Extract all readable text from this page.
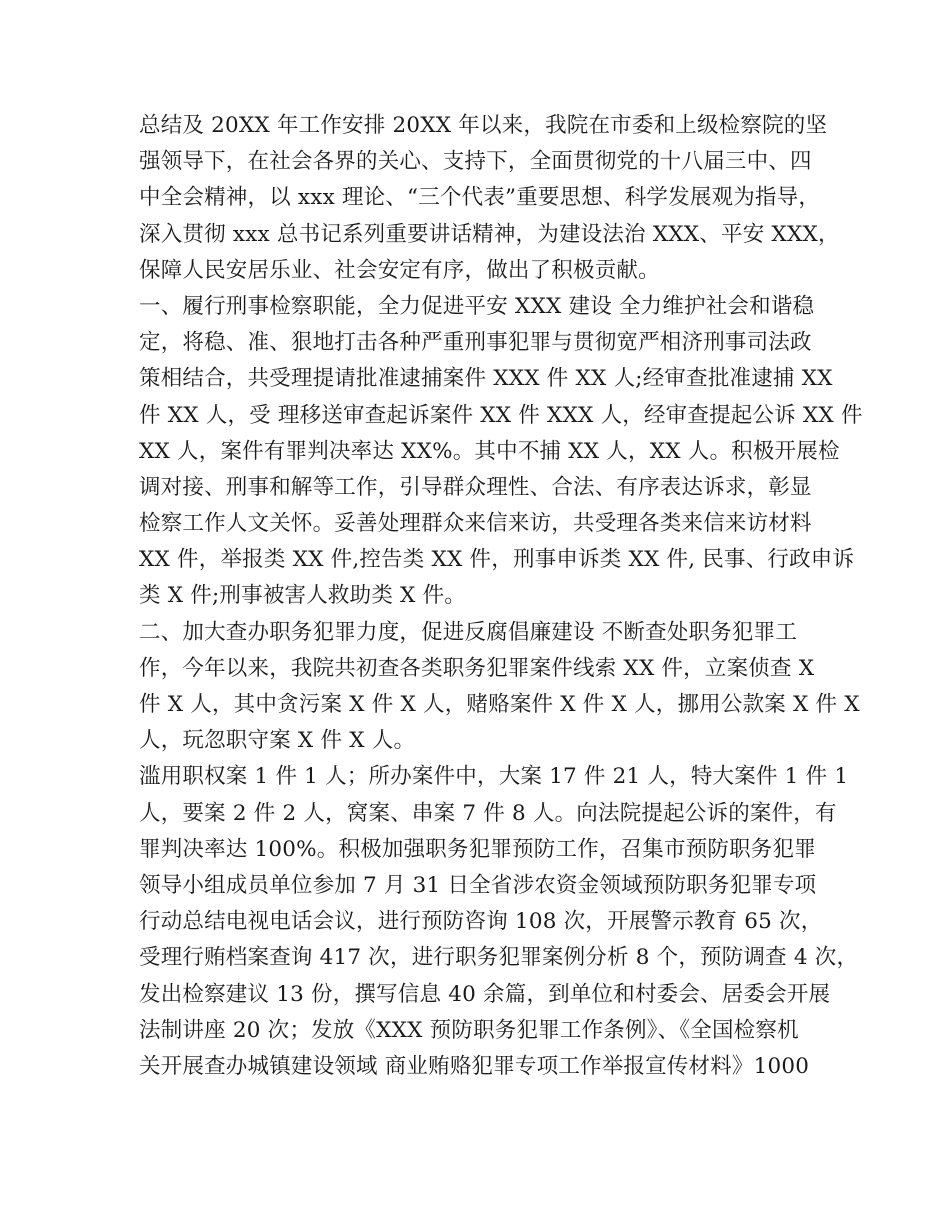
总结及 20XX 年工作安排 20XX 年以来，我院在市委和上级检察院的坚
强领导下，在社会各界的关心、支持下，全面贯彻党的十八届三中、四
中全会精神，以 xxx 理论、“三个代表”重要思想、科学发展观为指导，
深入贯彻 xxx 总书记系列重要讲话精神，为建设法治 XXX、平安 XXX，
保障人民安居乐业、社会安定有序，做出了积极贡献。
一、履行刑事检察职能，全力促进平安 XXX 建设 全力维护社会和谐稳
定，将稳、准、狠地打击各种严重刑事犯罪与贯彻宽严相济刑事司法政
策相结合，共受理提请批准逮捕案件 XXX 件 XX 人;经审查批准逮捕 XX
件 XX 人，受 理移送审查起诉案件 XX 件 XXX 人，经审查提起公诉 XX 件
XX 人，案件有罪判决率达 XX%。其中不捕 XX 人，XX 人。积极开展检
调对接、刑事和解等工作，引导群众理性、合法、有序表达诉求，彰显
检察工作人文关怀。妥善处理群众来信来访，共受理各类来信来访材料
XX 件，举报类 XX 件,控告类 XX 件，刑事申诉类 XX 件, 民事、行政申诉
类 X 件;刑事被害人救助类 X 件。
二、加大查办职务犯罪力度，促进反腐倡廉建设 不断查处职务犯罪工
作，今年以来，我院共初查各类职务犯罪案件线索 XX 件，立案侦查 X
件 X 人，其中贪污案 X 件 X 人，赌赂案件 X 件 X 人，挪用公款案 X 件 X
人，玩忽职守案 X 件 X 人。
滥用职权案 1 件 1 人；所办案件中，大案 17 件 21 人，特大案件 1 件 1
人，要案 2 件 2 人，窝案、串案 7 件 8 人。向法院提起公诉的案件，有
罪判决率达 100%。积极加强职务犯罪预防工作，召集市预防职务犯罪
领导小组成员单位参加 7 月 31 日全省涉农资金领域预防职务犯罪专项
行动总结电视电话会议，进行预防咨询 108 次，开展警示教育 65 次，
受理行贿档案查询 417 次，进行职务犯罪案例分析 8 个，预防调查 4 次，
发出检察建议 13 份，撰写信息 40 余篇，到单位和村委会、居委会开展
法制讲座 20 次；发放《XXX 预防职务犯罪工作条例》、《全国检察机
关开展查办城镇建设领域 商业贿赂犯罪专项工作举报宣传材料》1000
